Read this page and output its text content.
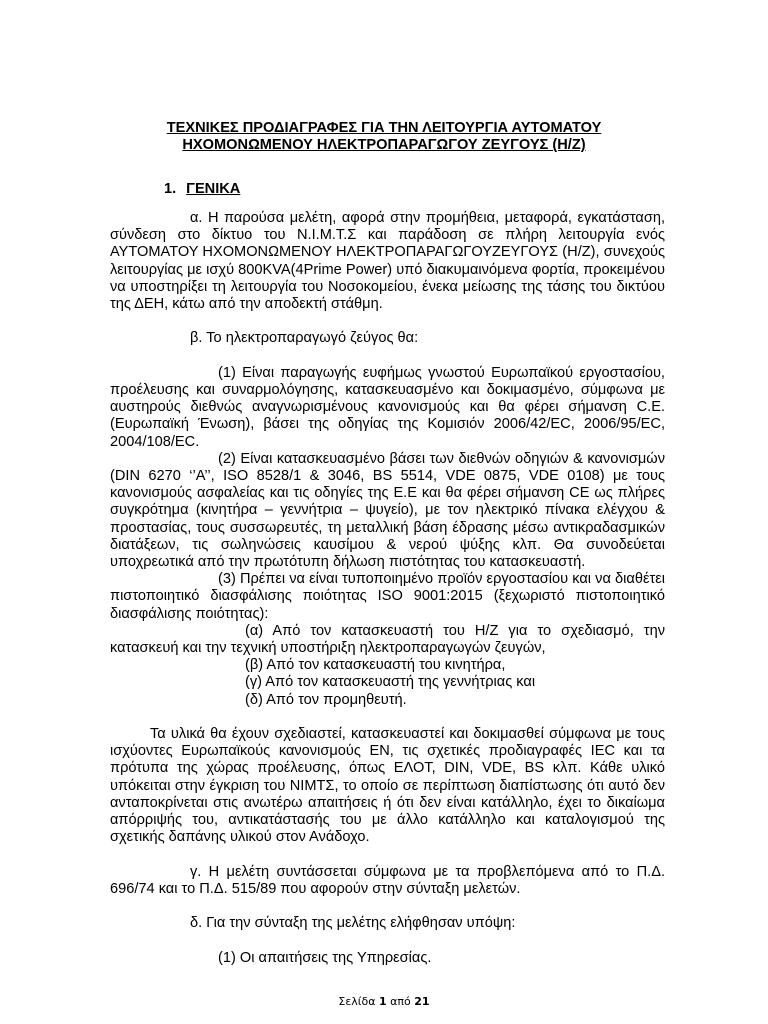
ΤΕΧΝΙΚΕΣ ΠΡΟΔΙΑΓΡΑΦΕΣ ΓΙΑ ΤΗΝ ΛΕΙΤΟΥΡΓΙΑ ΑΥΤΟΜΑΤΟΥ
ΗΧΟΜΟΝΩΜΕΝΟΥ ΗΛΕΚΤΡΟΠΑΡΑΓΩΓΟΥ ΖΕΥΓΟΥΣ (Η/Ζ)
1. ΓΕΝΙΚΑ

α. Η παρούσα μελέτη, αφορά στην προμήθεια, μεταφορά, εγκατάσταση, σύνδεση στο δίκτυο του Ν.Ι.Μ.Τ.Σ και παράδοση σε πλήρη λειτουργία ενός ΑΥΤΟΜΑΤΟΥ ΗΧΟΜΟΝΩΜΕΝΟΥ ΗΛΕΚΤΡΟΠΑΡΑΓΩΓΟΥΖΕΥΓΟΥΣ (Η/Ζ), συνεχούς λειτουργίας με ισχύ 800KVA(4Prime Power) υπό διακυμαινόμενα φορτία, προκειμένου να υποστηρίξει τη λειτουργία του Νοσοκομείου, ένεκα μείωσης της τάσης του δικτύου της ΔΕΗ, κάτω από την αποδεκτή στάθμη.

β. Το ηλεκτροπαραγωγό ζεύγος θα:

(1) Είναι παραγωγής ευφήμως γνωστού Ευρωπαϊκού εργοστασίου, προέλευσης και συναρμολόγησης, κατασκευασμένο και δοκιμασμένο, σύμφωνα με αυστηρούς διεθνώς αναγνωρισμένους κανονισμούς και θα φέρει σήμανση C.E. (Ευρωπαϊκή Ένωση), βάσει της οδηγίας της Κομισιόν 2006/42/EC, 2006/95/EC, 2004/108/EC.

(2) Είναι κατασκευασμένο βάσει των διεθνών οδηγιών & κανονισμών (DIN 6270 ‘’A’’, ISO 8528/1 & 3046, BS 5514, VDE 0875, VDE 0108) με τους κανονισμούς ασφαλείας και τις οδηγίες της Ε.Ε και θα φέρει σήμανση CE ως πλήρες συγκρότημα (κινητήρα – γεννήτρια – ψυγείο), με τον ηλεκτρικό πίνακα ελέγχου & προστασίας, τους συσσωρευτές, τη μεταλλική βάση έδρασης μέσω αντικραδασμικών διατάξεων, τις σωληνώσεις καυσίμου & νερού ψύξης κλπ. Θα συνοδεύεται υποχρεωτικά από την πρωτότυπη δήλωση πιστότητας του κατασκευαστή.

(3) Πρέπει να είναι τυποποιημένο προϊόν εργοστασίου και να διαθέτει πιστοποιητικό διασφάλισης ποιότητας ISO 9001:2015 (ξεχωριστό πιστοποιητικό διασφάλισης ποιότητας):

(α) Από τον κατασκευαστή του Η/Ζ για το σχεδιασμό, την κατασκευή και την τεχνική υποστήριξη ηλεκτροπαραγωγών ζευγών,

(β) Από τον κατασκευαστή του κινητήρα,

(γ) Από τον κατασκευαστή της γεννήτριας και

(δ) Από τον προμηθευτή.

Τα υλικά θα έχουν σχεδιαστεί, κατασκευαστεί και δοκιμασθεί σύμφωνα με τους ισχύοντες Ευρωπαϊκούς κανονισμούς EN, τις σχετικές προδιαγραφές IEC και τα πρότυπα της χώρας προέλευσης, όπως ΕΛΟΤ, DIN, VDE, BS κλπ. Κάθε υλικό υπόκειται στην έγκριση του ΝΙΜΤΣ, το οποίο σε περίπτωση διαπίστωσης ότι αυτό δεν ανταποκρίνεται στις ανωτέρω απαιτήσεις ή ότι δεν είναι κατάλληλο, έχει το δικαίωμα απόρριψής του, αντικατάστασής του με άλλο κατάλληλο και καταλογισμού της σχετικής δαπάνης υλικού στον Ανάδοχο.

γ. Η μελέτη συντάσσεται σύμφωνα με τα προβλεπόμενα από το Π.Δ. 696/74 και το Π.Δ. 515/89 που αφορούν στην σύνταξη μελετών.

δ. Για την σύνταξη της μελέτης ελήφθησαν υπόψη:

(1) Οι απαιτήσεις της Υπηρεσίας.

Σελίδα 1 από 21
